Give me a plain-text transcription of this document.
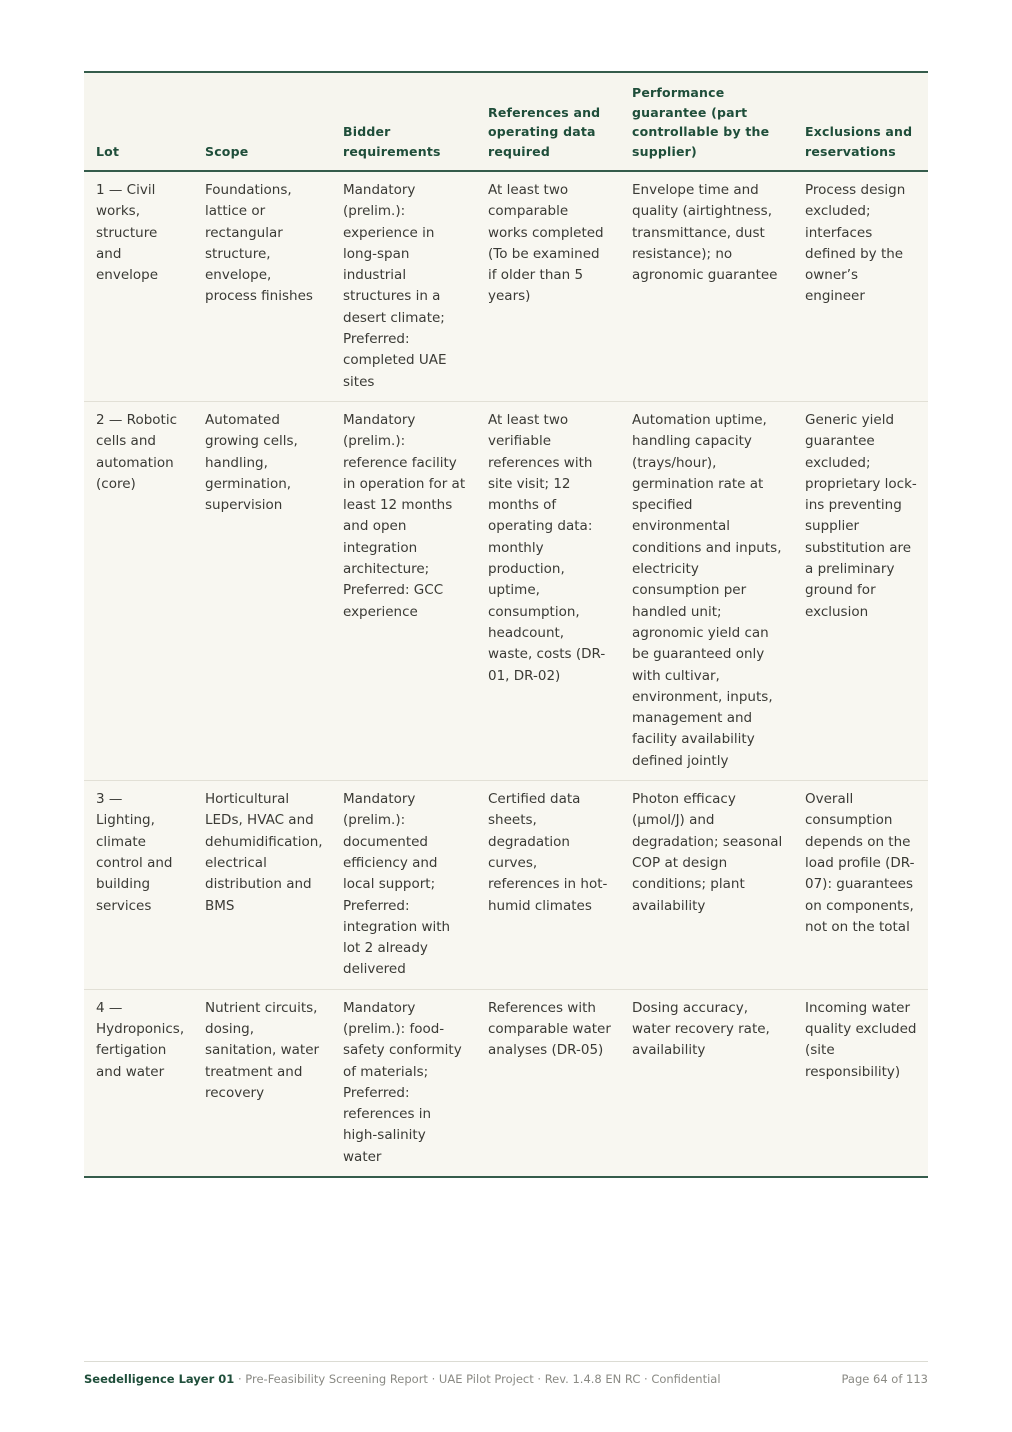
Lot	Scope	Bidder requirements	References and operating data required	Performance guarantee (part controllable by the supplier)	Exclusions and reservations
1 — Civil works, structure and envelope	Foundations, lattice or rectangular structure, envelope, process finishes	Mandatory (prelim.): experience in long-span industrial structures in a desert climate; Preferred: completed UAE sites	At least two comparable works completed (To be examined if older than 5 years)	Envelope time and quality (airtightness, transmittance, dust resistance); no agronomic guarantee	Process design excluded; interfaces defined by the owner’s engineer
2 — Robotic cells and automation (core)	Automated growing cells, handling, germination, supervision	Mandatory (prelim.): reference facility in operation for at least 12 months and open integration architecture; Preferred: GCC experience	At least two verifiable references with site visit; 12 months of operating data: monthly production, uptime, consumption, headcount, waste, costs (DR-01, DR-02)	Automation uptime, handling capacity (trays/hour), germination rate at specified environmental conditions and inputs, electricity consumption per handled unit; agronomic yield can be guaranteed only with cultivar, environment, inputs, management and facility availability defined jointly	Generic yield guarantee excluded; proprietary lock-ins preventing supplier substitution are a preliminary ground for exclusion
3 — Lighting, climate control and building services	Horticultural LEDs, HVAC and dehumidification, electrical distribution and BMS	Mandatory (prelim.): documented efficiency and local support; Preferred: integration with lot 2 already delivered	Certified data sheets, degradation curves, references in hot-humid climates	Photon efficacy (μmol/J) and degradation; seasonal COP at design conditions; plant availability	Overall consumption depends on the load profile (DR-07): guarantees on components, not on the total
4 — Hydroponics, fertigation and water	Nutrient circuits, dosing, sanitation, water treatment and recovery	Mandatory (prelim.): food-safety conformity of materials; Preferred: references in high-salinity water	References with comparable water analyses (DR-05)	Dosing accuracy, water recovery rate, availability	Incoming water quality excluded (site responsibility)
Seedelligence Layer 01 · Pre-Feasibility Screening Report · UAE Pilot Project · Rev. 1.4.8 EN RC · Confidential	Page 64 of 113
